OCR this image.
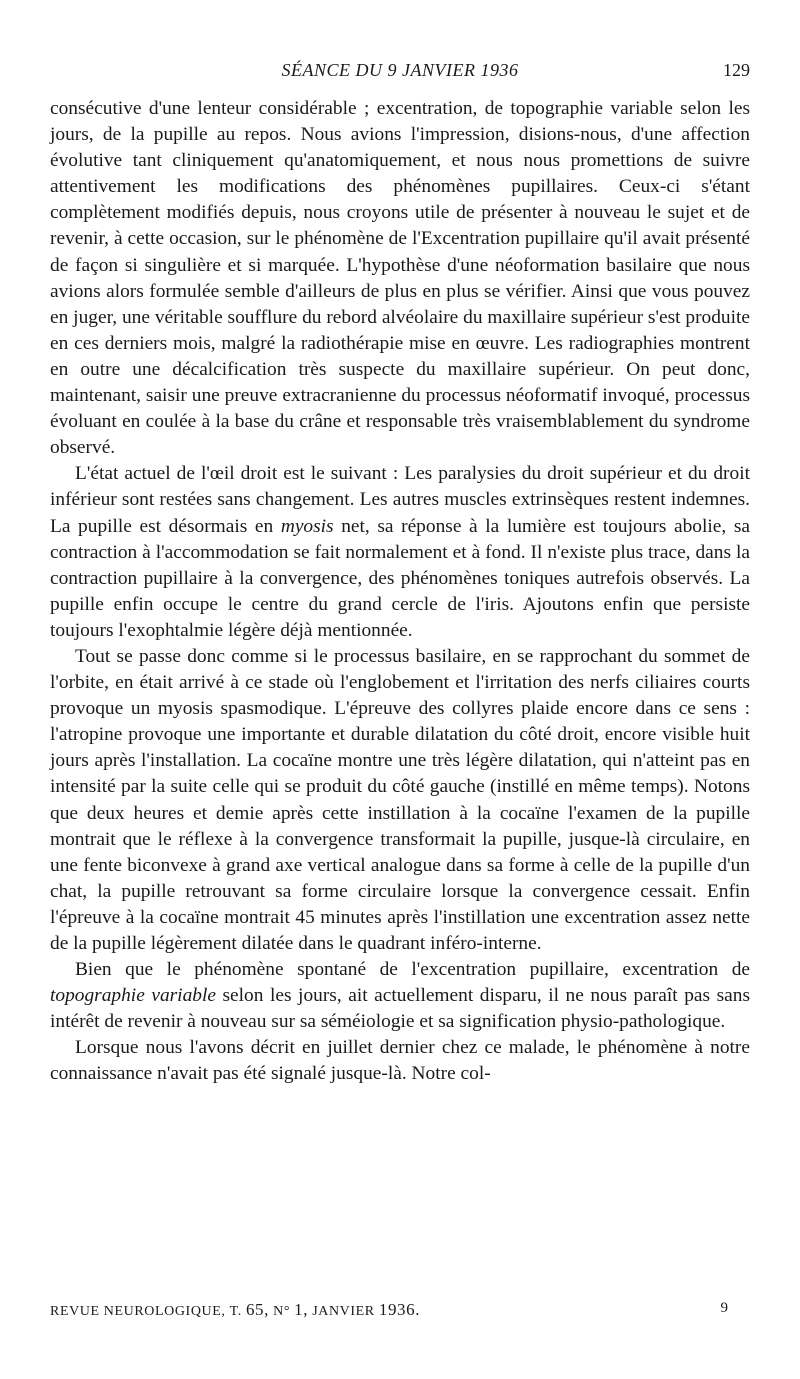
SÉANCE DU 9 JANVIER 1936	129

consécutive d'une lenteur considérable ; excentration, de topographie variable selon les jours, de la pupille au repos. Nous avions l'impression, disions-nous, d'une affection évolutive tant cliniquement qu'anatomiquement, et nous nous promettions de suivre attentivement les modifications des phénomènes pupillaires. Ceux-ci s'étant complètement modifiés depuis, nous croyons utile de présenter à nouveau le sujet et de revenir, à cette occasion, sur le phénomène de l'Excentration pupillaire qu'il avait présenté de façon si singulière et si marquée. L'hypothèse d'une néoformation basilaire que nous avions alors formulée semble d'ailleurs de plus en plus se vérifier. Ainsi que vous pouvez en juger, une véritable soufflure du rebord alvéolaire du maxillaire supérieur s'est produite en ces derniers mois, malgré la radiothérapie mise en œuvre. Les radiographies montrent en outre une décalcification très suspecte du maxillaire supérieur. On peut donc, maintenant, saisir une preuve extracranienne du processus néoformatif invoqué, processus évoluant en coulée à la base du crâne et responsable très vraisemblablement du syndrome observé.

L'état actuel de l'œil droit est le suivant : Les paralysies du droit supérieur et du droit inférieur sont restées sans changement. Les autres muscles extrinsèques restent indemnes. La pupille est désormais en myosis net, sa réponse à la lumière est toujours abolie, sa contraction à l'accommodation se fait normalement et à fond. Il n'existe plus trace, dans la contraction pupillaire à la convergence, des phénomènes toniques autrefois observés. La pupille enfin occupe le centre du grand cercle de l'iris. Ajoutons enfin que persiste toujours l'exophtalmie légère déjà mentionnée.

Tout se passe donc comme si le processus basilaire, en se rapprochant du sommet de l'orbite, en était arrivé à ce stade où l'englobement et l'irritation des nerfs ciliaires courts provoque un myosis spasmodique. L'épreuve des collyres plaide encore dans ce sens : l'atropine provoque une importante et durable dilatation du côté droit, encore visible huit jours après l'installation. La cocaïne montre une très légère dilatation, qui n'atteint pas en intensité par la suite celle qui se produit du côté gauche (instillé en même temps). Notons que deux heures et demie après cette instillation à la cocaïne l'examen de la pupille montrait que le réflexe à la convergence transformait la pupille, jusque-là circulaire, en une fente biconvexe à grand axe vertical analogue dans sa forme à celle de la pupille d'un chat, la pupille retrouvant sa forme circulaire lorsque la convergence cessait. Enfin l'épreuve à la cocaïne montrait 45 minutes après l'instillation une excentration assez nette de la pupille légèrement dilatée dans le quadrant inféro-interne.

Bien que le phénomène spontané de l'excentration pupillaire, excentration de topographie variable selon les jours, ait actuellement disparu, il ne nous paraît pas sans intérêt de revenir à nouveau sur sa séméiologie et sa signification physio-pathologique.

Lorsque nous l'avons décrit en juillet dernier chez ce malade, le phénomène à notre connaissance n'avait pas été signalé jusque-là. Notre col-

REVUE NEUROLOGIQUE, T. 65, N° 1, JANVIER 1936.	9
